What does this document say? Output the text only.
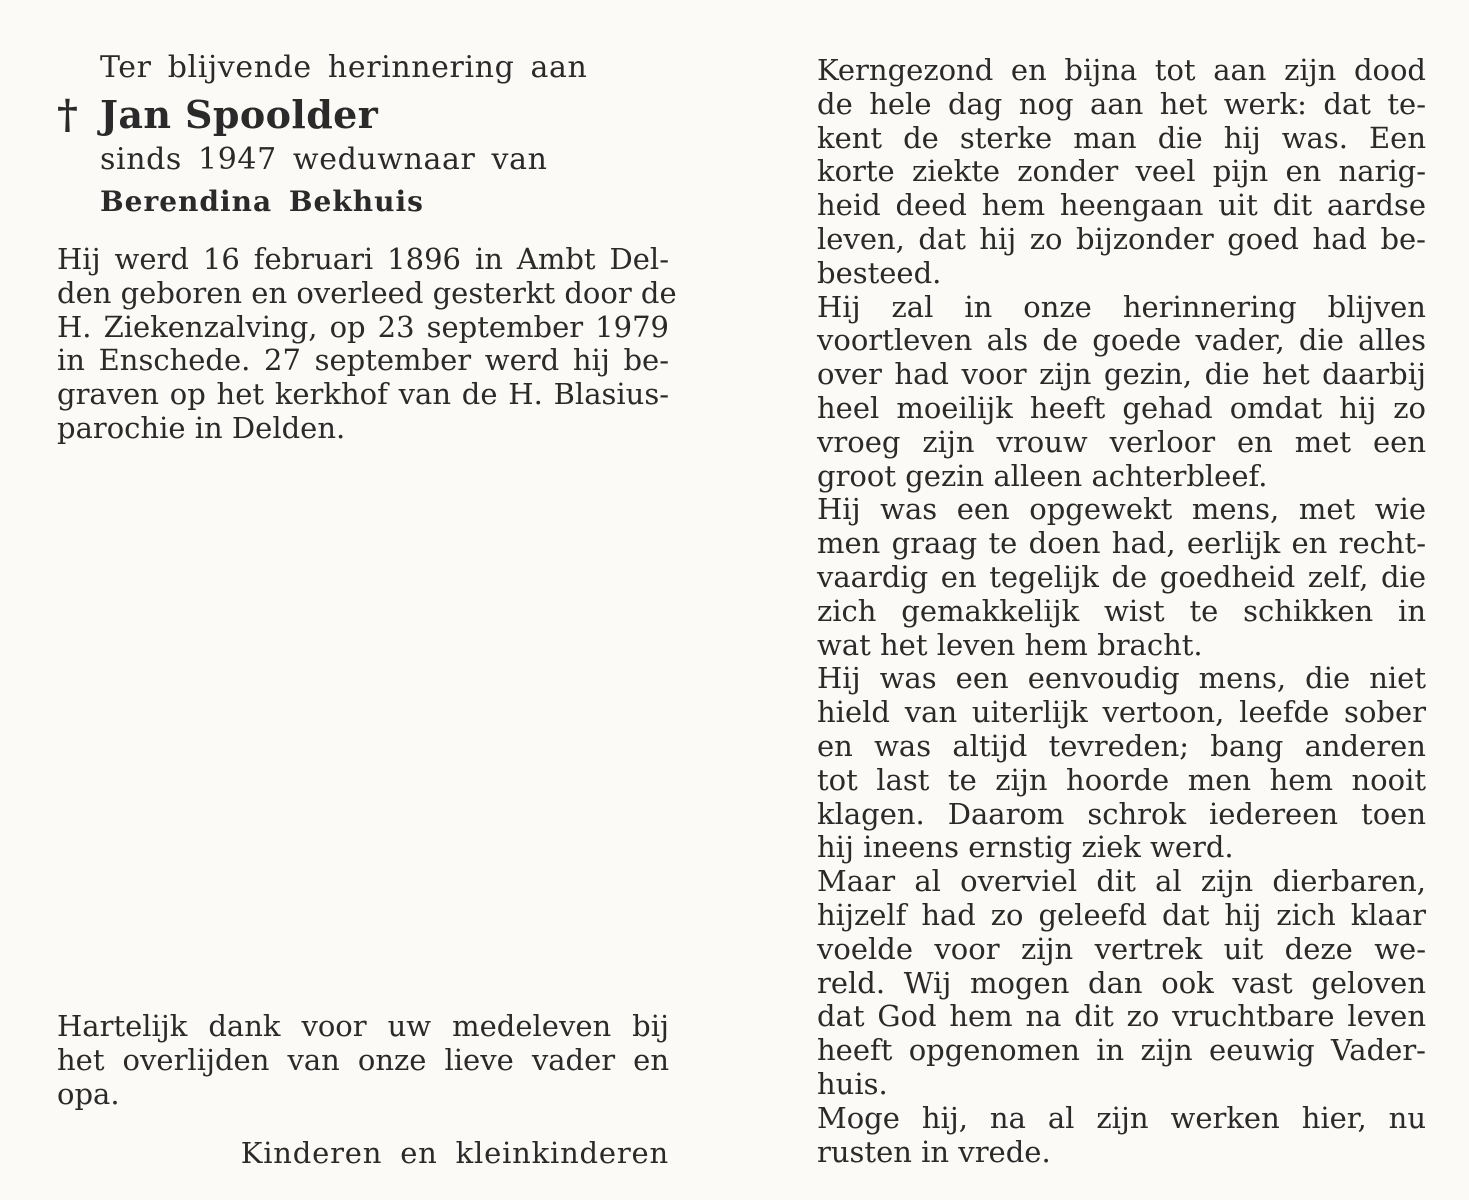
Ter blijvende herinnering aan
† Jan Spoolder
sinds 1947 weduwnaar van
Berendina Bekhuis
Hij werd 16 februari 1896 in Ambt Del-
den geboren en overleed gesterkt door de
H. Ziekenzalving, op 23 september 1979
in Enschede. 27 september werd hij be-
graven op het kerkhof van de H. Blasius-
parochie in Delden.
Hartelijk dank voor uw medeleven bij
het overlijden van onze lieve vader en
opa.
Kinderen en kleinkinderen
Kerngezond en bijna tot aan zijn dood
de hele dag nog aan het werk: dat te-
kent de sterke man die hij was. Een
korte ziekte zonder veel pijn en narig-
heid deed hem heengaan uit dit aardse
leven, dat hij zo bijzonder goed had be-
besteed.
Hij zal in onze herinnering blijven
voortleven als de goede vader, die alles
over had voor zijn gezin, die het daarbij
heel moeilijk heeft gehad omdat hij zo
vroeg zijn vrouw verloor en met een
groot gezin alleen achterbleef.
Hij was een opgewekt mens, met wie
men graag te doen had, eerlijk en recht-
vaardig en tegelijk de goedheid zelf, die
zich gemakkelijk wist te schikken in
wat het leven hem bracht.
Hij was een eenvoudig mens, die niet
hield van uiterlijk vertoon, leefde sober
en was altijd tevreden; bang anderen
tot last te zijn hoorde men hem nooit
klagen. Daarom schrok iedereen toen
hij ineens ernstig ziek werd.
Maar al overviel dit al zijn dierbaren,
hijzelf had zo geleefd dat hij zich klaar
voelde voor zijn vertrek uit deze we-
reld. Wij mogen dan ook vast geloven
dat God hem na dit zo vruchtbare leven
heeft opgenomen in zijn eeuwig Vader-
huis.
Moge hij, na al zijn werken hier, nu
rusten in vrede.
